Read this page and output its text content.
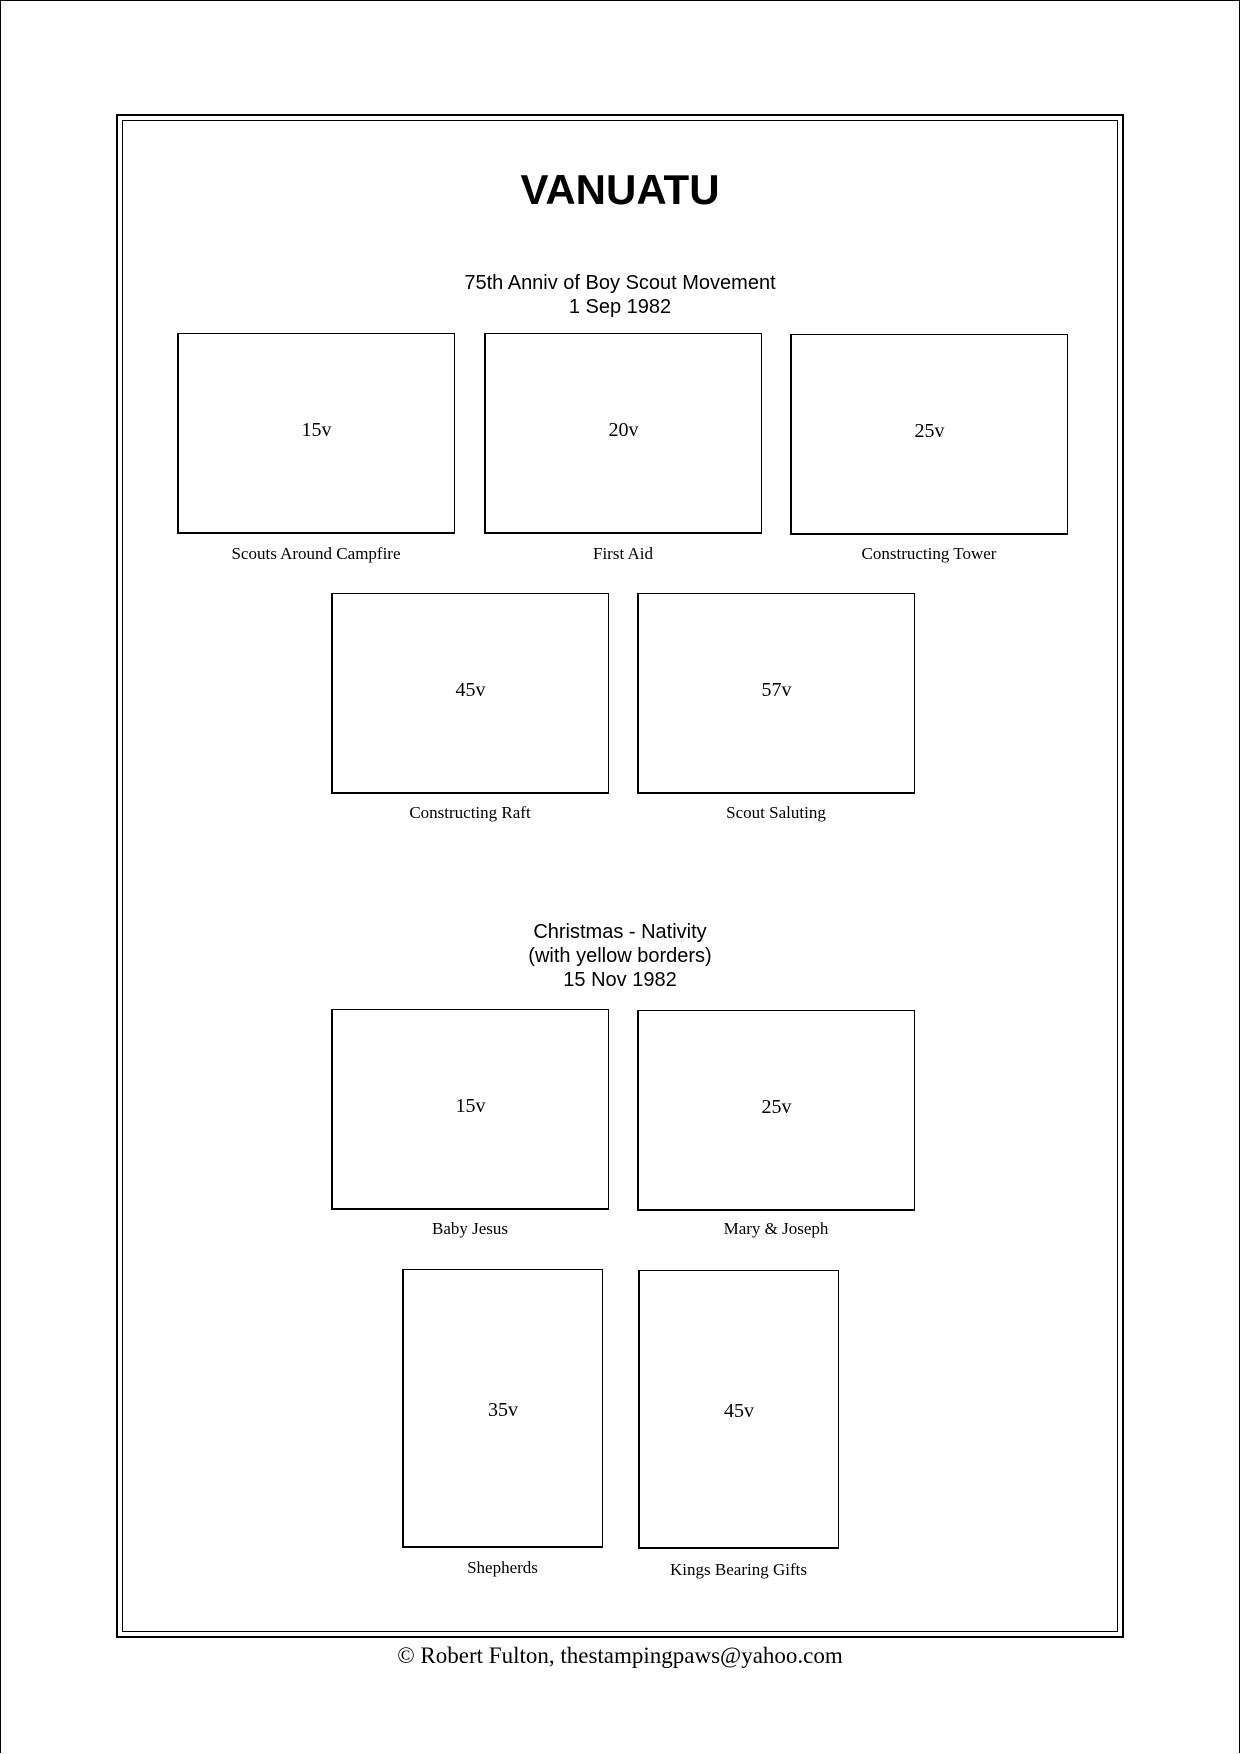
VANUATU
75th Anniv of Boy Scout Movement
1 Sep 1982
15v
Scouts Around Campfire
20v
First Aid
25v
Constructing Tower
45v
Constructing Raft
57v
Scout Saluting
Christmas - Nativity
(with yellow borders)
15 Nov 1982
15v
Baby Jesus
25v
Mary & Joseph
35v
Shepherds
45v
Kings Bearing Gifts
© Robert Fulton, thestampingpaws@yahoo.com
